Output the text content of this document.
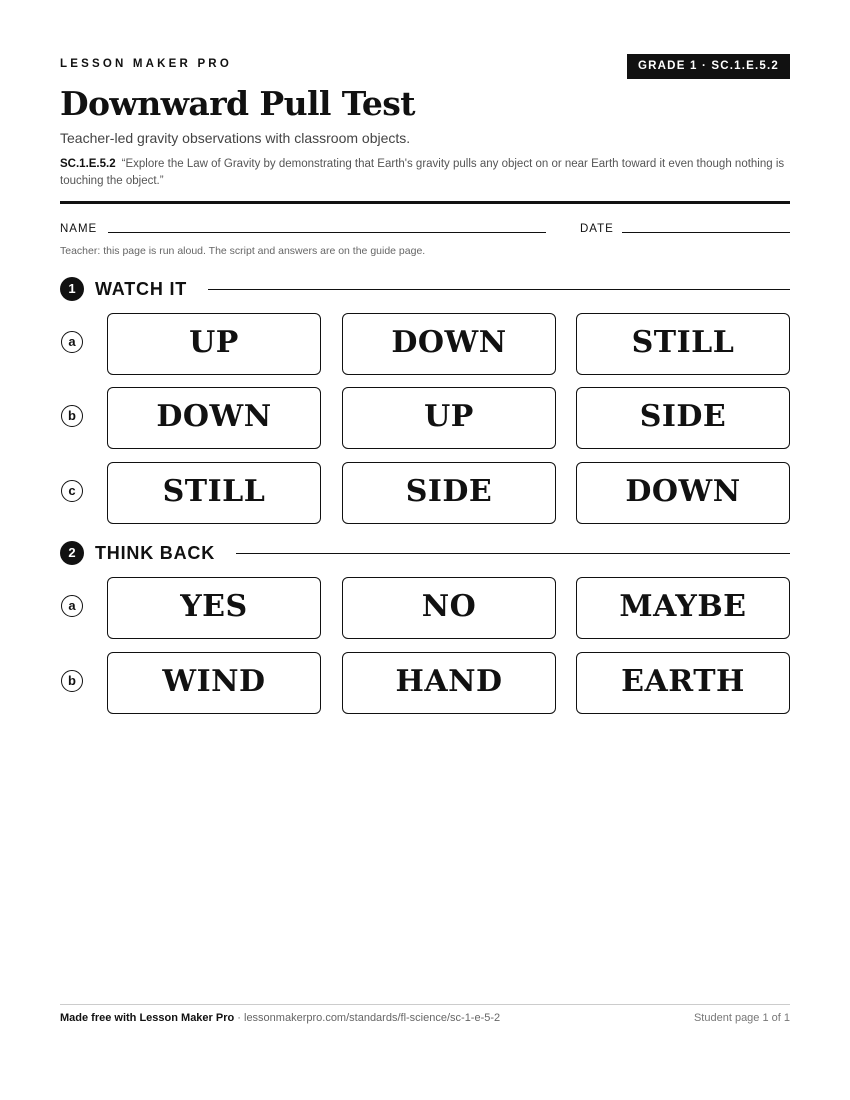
LESSON MAKER PRO	GRADE 1 · SC.1.E.5.2
Downward Pull Test
Teacher-led gravity observations with classroom objects.
SC.1.E.5.2 “Explore the Law of Gravity by demonstrating that Earth's gravity pulls any object on or near Earth toward it even though nothing is touching the object.”
NAME	DATE
Teacher: this page is run aloud. The script and answers are on the guide page.
1	WATCH IT
a	UP	DOWN	STILL
b	DOWN	UP	SIDE
c	STILL	SIDE	DOWN
2	THINK BACK
a	YES	NO	MAYBE
b	WIND	HAND	EARTH
Made free with Lesson Maker Pro · lessonmakerpro.com/standards/fl-science/sc-1-e-5-2	Student page 1 of 1
